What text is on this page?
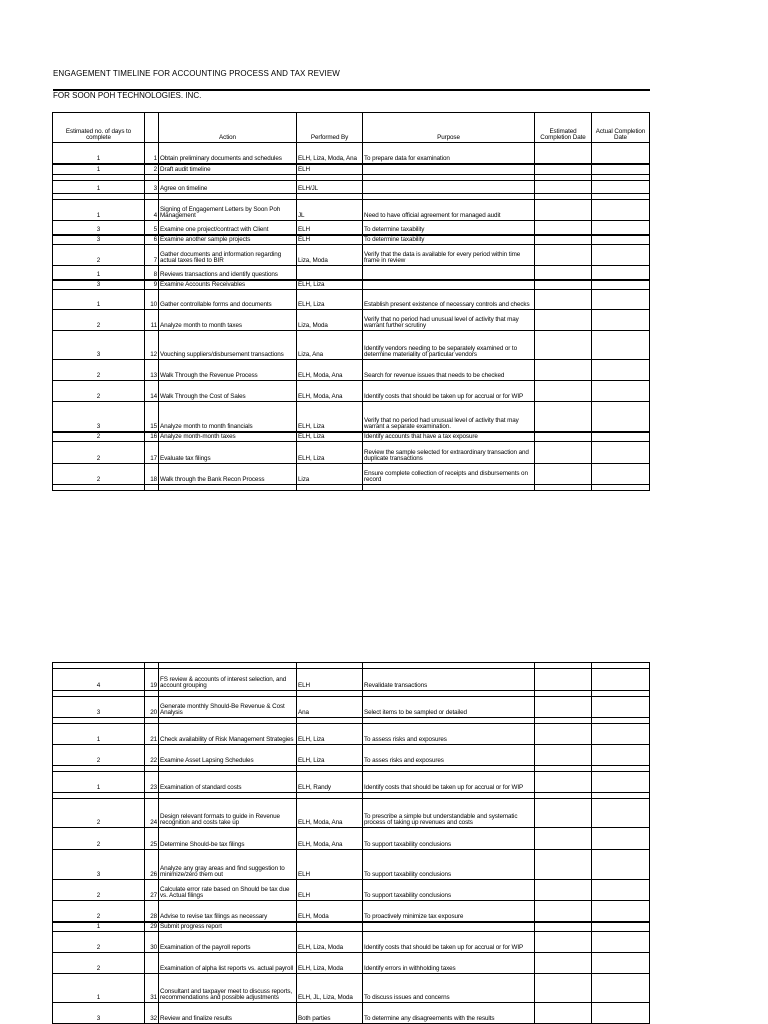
ENGAGEMENT TIMELINE FOR ACCOUNTING PROCESS AND TAX REVIEW
FOR SOON POH TECHNOLOGIES, INC.
Estimated no. of days to complete		Action	Performed By	Purpose	Estimated Completion Date	Actual Completion Date
1	1	Obtain preliminary documents and schedules	ELH, Liza, Moda, Ana	To prepare data for examination		
1	2	Draft audit timeline	ELH			

1	3	Agree on timeline	ELH/JL			

1	4	Signing of Engagement Letters by Soon Poh Management	JL	Need to have official agreement for managed audit		
3	5	Examine one project/contract with Client	ELH	To determine taxability		
3	6	Examine another sample projects	ELH	To determine taxability		
2	7	Gather documents and information regarding actual taxes filed to BIR	Liza, Moda	Verify that the data is available for every period within time frame in review		
1	8	Reviews transactions and identify questions				
3	9	Examine Accounts Receivables	ELH, Liza			
1	10	Gather controllable forms and documents	ELH, Liza	Establish present existence of necessary controls and checks		
2	11	Analyze month to month taxes	Liza, Moda	Verify that no period had unusual level of activity that may warrant further scrutiny		
3	12	Vouching suppliers/disbursement transactions	Liza, Ana	Identify vendors needing to be separately examined or to determine materiality of particular vendors		
2	13	Walk Through the Revenue Process	ELH, Moda, Ana	Search for revenue issues that needs to be checked		
2	14	Walk Through the Cost of Sales	ELH, Moda, Ana	Identify costs that should be taken up for accrual or for WIP		
3	15	Analyze month to month financials	ELH, Liza	Verify that no period had unusual level of activity that may warrant a separate examination.		
2	16	Analyze month-month taxes	ELH, Liza	Identify accounts that have a tax exposure		
2	17	Evaluate tax filings	ELH, Liza	Review the sample selected for extraordinary transaction and duplicate transactions		
2	18	Walk through the Bank Recon Process	Liza	Ensure complete collection of receipts and disbursements on record		

4	19	FS review & accounts of interest selection, and account grouping	ELH	Revalidate transactions		

3	20	Generate monthly Should-Be Revenue & Cost Analysis	Ana	Select items to be sampled or detailed		

1	21	Check availability of Risk Management Strategies	ELH, Liza	To assess risks and exposures		
2	22	Examine Asset Lapsing Schedules	ELH, Liza	To asses risks and exposures		

1	23	Examination of standard costs	ELH, Randy	Identify costs that should be taken up for accrual or for WIP		

2	24	Design relevant formats to guide in Revenue recognition and costs take up	ELH, Moda, Ana	To prescribe a simple but understandable and systematic process of taking up revenues and costs		
2	25	Determine Should-be tax filings	ELH, Moda, Ana	To support taxability conclusions		
3	26	Analyze any gray areas and find suggestion to minimize/zero them out	ELH	To support taxability conclusions		
2	27	Calculate error rate based on Should be tax due vs. Actual filings	ELH	To support taxability conclusions		
2	28	Advise to revise tax filings as necessary	ELH, Moda	To proactively minimize tax exposure		
1	29	Submit progress report				
2	30	Examination of the payroll reports	ELH, Liza, Moda	Identify costs that should be taken up for accrual or for WIP		
2		Examination of alpha list reports vs. actual payroll	ELH, Liza, Moda	Identify errors in withholding taxes		
1	31	Consultant and taxpayer meet to discuss reports, recommendations and possible adjustments	ELH, JL, Liza, Moda	To discuss issues and concerns		
3	32	Review and finalize results	Both parties	To determine any disagreements with the results		
